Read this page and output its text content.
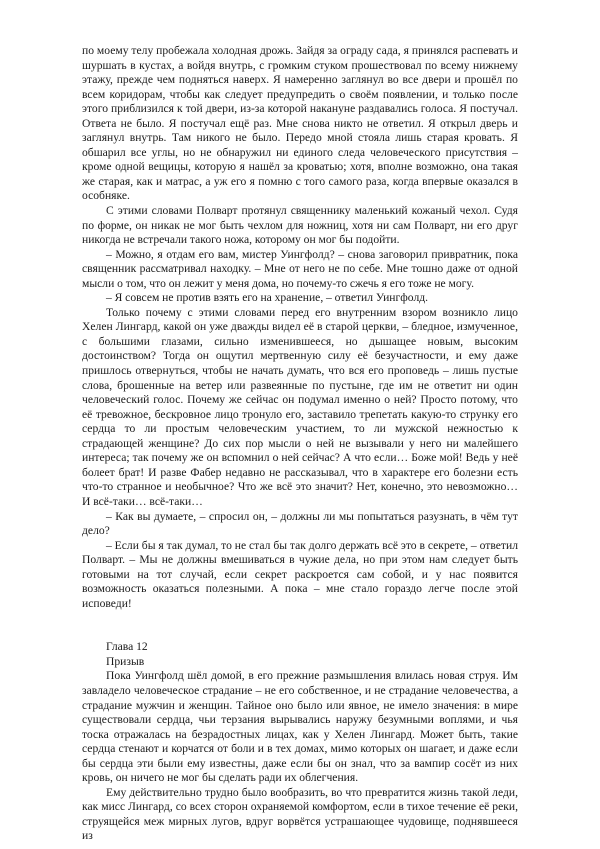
по моему телу пробежала холодная дрожь. Зайдя за ограду сада, я принялся распевать и шуршать в кустах, а войдя внутрь, с громким стуком прошествовал по всему нижнему этажу, прежде чем подняться наверх. Я намеренно заглянул во все двери и прошёл по всем коридорам, чтобы как следует предупредить о своём появлении, и только после этого приблизился к той двери, из-за которой накануне раздавались голоса. Я постучал. Ответа не было. Я постучал ещё раз. Мне снова никто не ответил. Я открыл дверь и заглянул внутрь. Там никого не было. Передо мной стояла лишь старая кровать. Я обшарил все углы, но не обнаружил ни единого следа человеческого присутствия – кроме одной вещицы, которую я нашёл за кроватью; хотя, вполне возможно, она такая же старая, как и матрас, а уж его я помню с того самого раза, когда впервые оказался в особняке.

С этими словами Полварт протянул священнику маленький кожаный чехол. Судя по форме, он никак не мог быть чехлом для ножниц, хотя ни сам Полварт, ни его друг никогда не встречали такого ножа, которому он мог бы подойти.

– Можно, я отдам его вам, мистер Уингфолд? – снова заговорил привратник, пока священник рассматривал находку. – Мне от него не по себе. Мне тошно даже от одной мысли о том, что он лежит у меня дома, но почему-то сжечь я его тоже не могу.

– Я совсем не против взять его на хранение, – ответил Уингфолд.

Только почему с этими словами перед его внутренним взором возникло лицо Хелен Лингард, какой он уже дважды видел её в старой церкви, – бледное, измученное, с большими глазами, сильно изменившееся, но дышащее новым, высоким достоинством? Тогда он ощутил мертвенную силу её безучастности, и ему даже пришлось отвернуться, чтобы не начать думать, что вся его проповедь – лишь пустые слова, брошенные на ветер или развеянные по пустыне, где им не ответит ни один человеческий голос. Почему же сейчас он подумал именно о ней? Просто потому, что её тревожное, бескровное лицо тронуло его, заставило трепетать какую-то струнку его сердца то ли простым человеческим участием, то ли мужской нежностью к страдающей женщине? До сих пор мысли о ней не вызывали у него ни малейшего интереса; так почему же он вспомнил о ней сейчас? А что если… Боже мой! Ведь у неё болеет брат! И разве Фабер недавно не рассказывал, что в характере его болезни есть что-то странное и необычное? Что же всё это значит? Нет, конечно, это невозможно… И всё-таки… всё-таки…

– Как вы думаете, – спросил он, – должны ли мы попытаться разузнать, в чём тут дело?

– Если бы я так думал, то не стал бы так долго держать всё это в секрете, – ответил Полварт. – Мы не должны вмешиваться в чужие дела, но при этом нам следует быть готовыми на тот случай, если секрет раскроется сам собой, и у нас появится возможность оказаться полезными. А пока – мне стало гораздо легче после этой исповеди!

Глава 12

Призыв

Пока Уингфолд шёл домой, в его прежние размышления влилась новая струя. Им завладело человеческое страдание – не его собственное, и не страдание человечества, а страдание мужчин и женщин. Тайное оно было или явное, не имело значения: в мире существовали сердца, чьи терзания вырывались наружу безумными воплями, и чья тоска отражалась на безрадостных лицах, как у Хелен Лингард. Может быть, такие сердца стенают и корчатся от боли и в тех домах, мимо которых он шагает, и даже если бы сердца эти были ему известны, даже если бы он знал, что за вампир сосёт из них кровь, он ничего не мог бы сделать ради их облегчения.

Ему действительно трудно было вообразить, во что превратится жизнь такой леди, как мисс Лингард, со всех сторон охраняемой комфортом, если в тихое течение её реки, струящейся меж мирных лугов, вдруг ворвётся устрашающее чудовище, поднявшееся из
